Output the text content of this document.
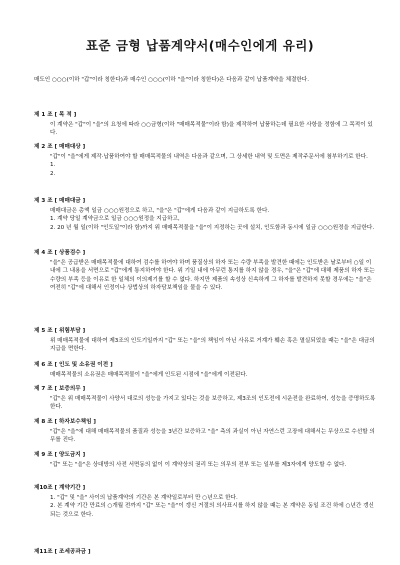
표준 금형 납품계약서(매수인에게 유리)
매도인 ○○○(이하 "갑"이라 칭한다)과 매수인 ○○○(이하 "을"이라 칭한다)은 다음과 같이 납품계약을 체결한다.
제 1 조 [ 목 적 ]
이 계약은 "갑"이 "을"의 요청에 따라 ○○금형(이하 "매매목적물"이라 함)을 제작하여 납품하는데 필요한 사항을 정함에 그 목적이 있다.
제 2 조 [ 매매대상 ]
"갑"이 "을"에게 제작·납품하여야 할 매매목적물의 내역은 다음과 같으며, 그 상세한 내역 및 도면은 제작주문서에 첨부하기로 한다.
1.
2.
제 3 조 [ 매매대금 ]
매매대금은 총액 일금 ○○○원정으로 하고, "을"은 "갑"에게 다음과 같이 지급하도록 한다.
1. 계약 당일 계약금으로 일금 ○○○원정을 지급하고,
2. 20 년 월 일(이하 "인도일"이라 함)까지 위 매매목적물을 "을"이 지정하는 곳에 설치, 인도함과 동시에 일금 ○○○원정을 지급한다.
제 4 조 [ 상품검수 ]
"을"은 공급받은 매매목적물에 대하여 검수를 하여야 하며 품질상의 하자 또는 수량 부족을 발견한 때에는 인도받은 날로부터 ○일 이내에 그 내용을 서면으로 "갑"에게 통지하여야 한다. 위 기일 내에 아무런 통지를 하지 않을 경우, "을"은 "갑"에 대해 제품의 하자 또는 수량의 부족 등을 이유로 한 일체의 이의제기를 할 수 없다. 하지만 제품의 속성상 신속하게 그 하자를 발견하지 못할 경우에는 "을"은 여전히 "갑"에 대해서 인정이나 상법상의 하자담보책임을 물을 수 있다.
제 5 조 [ 위험부담 ]
위 매매목적물에 대하여 제3조의 인도기일까지 "갑" 또는 "을"의 책임이 아닌 사유로 거계가 훼손 혹은 멸실되었을 때는 "을"은 대금의 지급을 면한다.
제 6 조 [ 인도 및 소유권 이전 ]
매매목적물의 소유권은 매매목적물이 "을"에게 인도된 시점에 "을"에게 이전된다.
제 7 조 [ 보증의무 ]
"갑"은 위 매매목적물이 사양서 대로의 성능을 가지고 있다는 것을 보증하고, 제3조의 인도전에 시운전을 완료하여, 성능을 증명하도록 한다.
제 8 조 [ 하자보수책임 ]
"갑"은 "을"에 대해 매매목적물의 품질과 성능을 3년간 보증하고 "을" 측의 과실이 아닌 자연스런 고장에 대해서는 무상으로 수선할 의무를 진다.
제 9 조 [ 양도금지 ]
"갑" 또는 "을"은 상대방의 사전 서면동의 없이 이 계약상의 권리 또는 의무의 전부 또는 일부를 제3자에게 양도할 수 없다.
제10조 [ 계약기간 ]
1. "갑" 및 "을" 사이의 납품계약의 기간은 본 계약일로부터 만 ○년으로 한다.
2. 본 계약 기간 만료의 ○개월 전까지 "갑" 또는 "을"이 갱신 거절의 의사표시를 하지 않을 때는 본 계약은 동일 조건 하에 ○년간 갱신되는 것으로 한다.
제11조 [ 조세공과금 ]
